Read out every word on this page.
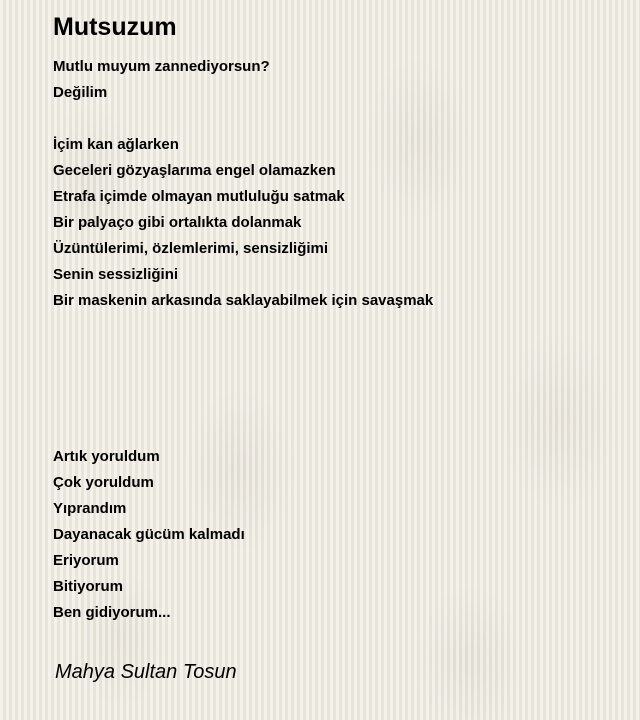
Mutsuzum
Mutlu muyum zannediyorsun?
Değilim
İçim kan ağlarken
Geceleri gözyaşlarıma engel olamazken
Etrafa içimde olmayan mutluluğu satmak
Bir palyaço gibi ortalıkta dolanmak
Üzüntülerimi, özlemlerimi, sensizliğimi
Senin sessizliğini
Bir maskenin arkasında saklayabilmek için savaşmak
Artık yoruldum
Çok yoruldum
Yıprandım
Dayanacak gücüm kalmadı
Eriyorum
Bitiyorum
Ben gidiyorum...
Mahya Sultan Tosun
